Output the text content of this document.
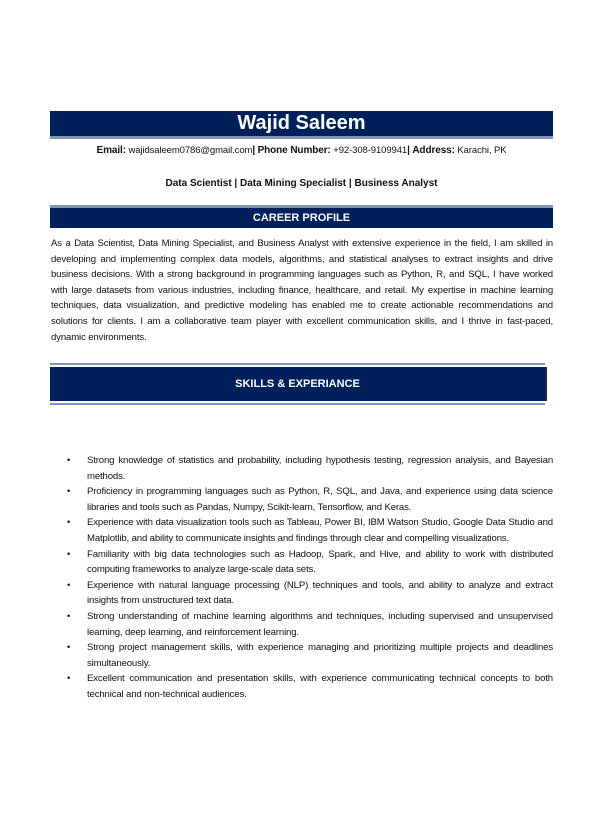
Wajid Saleem
Email: wajidsaleem0786@gmail.com| Phone Number: +92-308-9109941| Address: Karachi, PK
Data Scientist | Data Mining Specialist | Business Analyst
CAREER PROFILE
As a Data Scientist, Data Mining Specialist, and Business Analyst with extensive experience in the field, I am skilled in developing and implementing complex data models, algorithms, and statistical analyses to extract insights and drive business decisions. With a strong background in programming languages such as Python, R, and SQL, I have worked with large datasets from various industries, including finance, healthcare, and retail. My expertise in machine learning techniques, data visualization, and predictive modeling has enabled me to create actionable recommendations and solutions for clients. I am a collaborative team player with excellent communication skills, and I thrive in fast-paced, dynamic environments.
SKILLS & EXPERIANCE
• Strong knowledge of statistics and probability, including hypothesis testing, regression analysis, and Bayesian methods.
• Proficiency in programming languages such as Python, R, SQL, and Java, and experience using data science libraries and tools such as Pandas, Numpy, Scikit-learn, Tensorflow, and Keras.
• Experience with data visualization tools such as Tableau, Power BI, IBM Watson Studio, Google Data Studio and Matplotlib, and ability to communicate insights and findings through clear and compelling visualizations.
• Familiarity with big data technologies such as Hadoop, Spark, and Hive, and ability to work with distributed computing frameworks to analyze large-scale data sets.
• Experience with natural language processing (NLP) techniques and tools, and ability to analyze and extract insights from unstructured text data.
• Strong understanding of machine learning algorithms and techniques, including supervised and unsupervised learning, deep learning, and reinforcement learning.
• Strong project management skills, with experience managing and prioritizing multiple projects and deadlines simultaneously.
• Excellent communication and presentation skills, with experience communicating technical concepts to both technical and non-technical audiences.
